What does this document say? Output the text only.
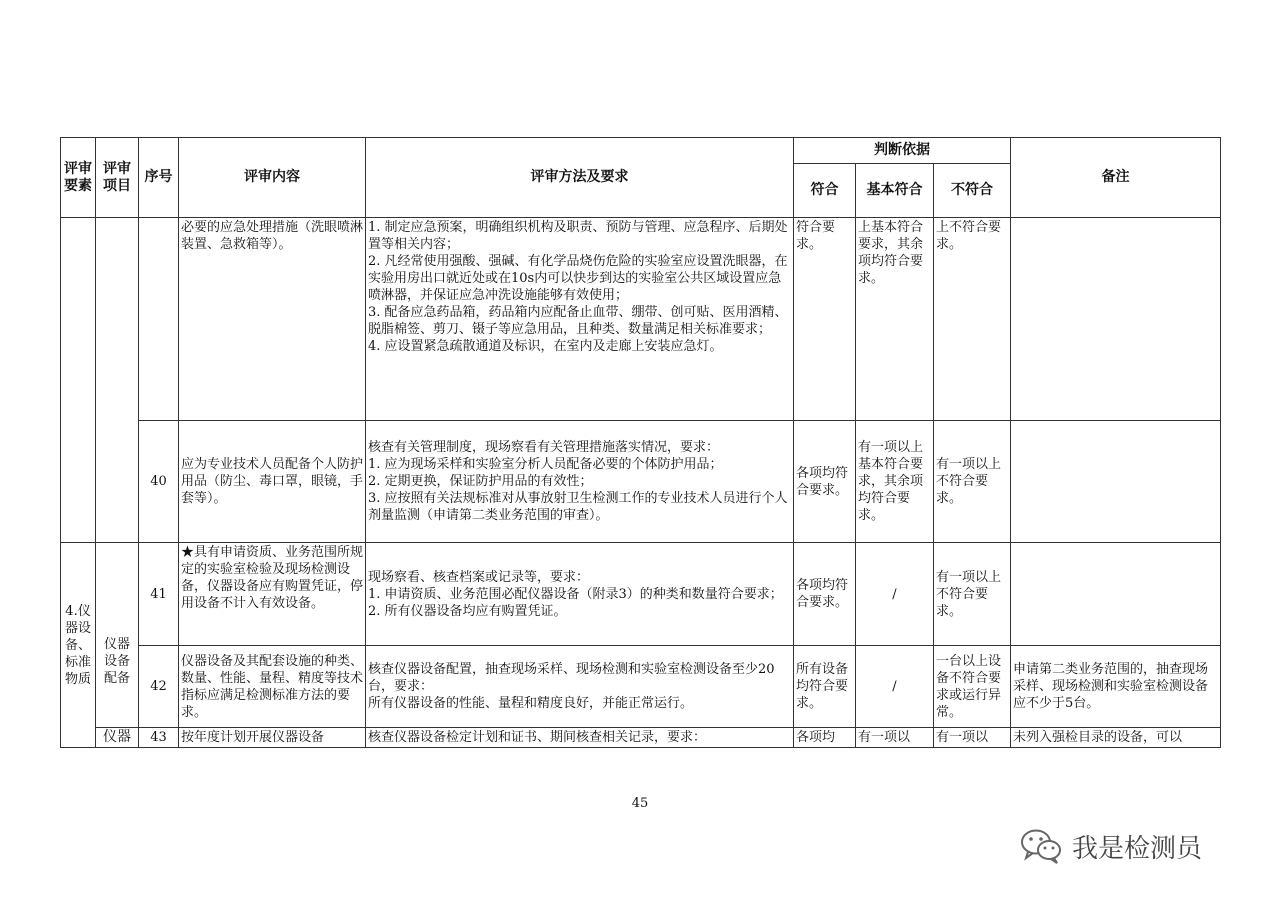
评审要素	评审项目	序号	评审内容	评审方法及要求	判断依据			备注
					符合	基本符合	不符合	
			必要的应急处理措施（洗眼喷淋装置、急救箱等）。	1. 制定应急预案，明确组织机构及职责、预防与管理、应急程序、后期处置等相关内容；
2. 凡经常使用强酸、强碱、有化学品烧伤危险的实验室应设置洗眼器，在实验用房出口就近处或在10s内可以快步到达的实验室公共区域设置应急喷淋器，并保证应急冲洗设施能够有效使用；
3. 配备应急药品箱，药品箱内应配备止血带、绷带、创可贴、医用酒精、脱脂棉签、剪刀、镊子等应急用品，且种类、数量满足相关标准要求；
4. 应设置紧急疏散通道及标识，在室内及走廊上安装应急灯。	符合要求。	上基本符合要求，其余项均符合要求。	上不符合要求。	
		40	应为专业技术人员配备个人防护用品（防尘、毒口罩，眼镜，手套等）。	核查有关管理制度，现场察看有关管理措施落实情况，要求：
1. 应为现场采样和实验室分析人员配备必要的个体防护用品；
2. 定期更换，保证防护用品的有效性；
3. 应按照有关法规标准对从事放射卫生检测工作的专业技术人员进行个人剂量监测（申请第二类业务范围的审查）。	各项均符合要求。	有一项以上基本符合要求，其余项均符合要求。	有一项以上不符合要求。	
4.仪器设备、标准物质	仪器设备配备	41	★具有申请资质、业务范围所规定的实验室检验及现场检测设备，仪器设备应有购置凭证，停用设备不计入有效设备。	现场察看、核查档案或记录等，要求：
1. 申请资质、业务范围必配仪器设备（附录3）的种类和数量符合要求；
2. 所有仪器设备均应有购置凭证。	各项均符合要求。	/	有一项以上不符合要求。	
		42	仪器设备及其配套设施的种类、数量、性能、量程、精度等技术指标应满足检测标准方法的要求。	核查仪器设备配置，抽查现场采样、现场检测和实验室检测设备至少20台，要求：
所有仪器设备的性能、量程和精度良好，并能正常运行。	所有设备均符合要求。	/	一台以上设备不符合要求或运行异常。	申请第二类业务范围的，抽查现场采样、现场检测和实验室检测设备应不少于5台。
	仪器	43	按年度计划开展仪器设备	核查仪器设备检定计划和证书、期间核查相关记录，要求：	各项均	有一项以	有一项以	未列入强检目录的设备，可以
45
我是检测员
